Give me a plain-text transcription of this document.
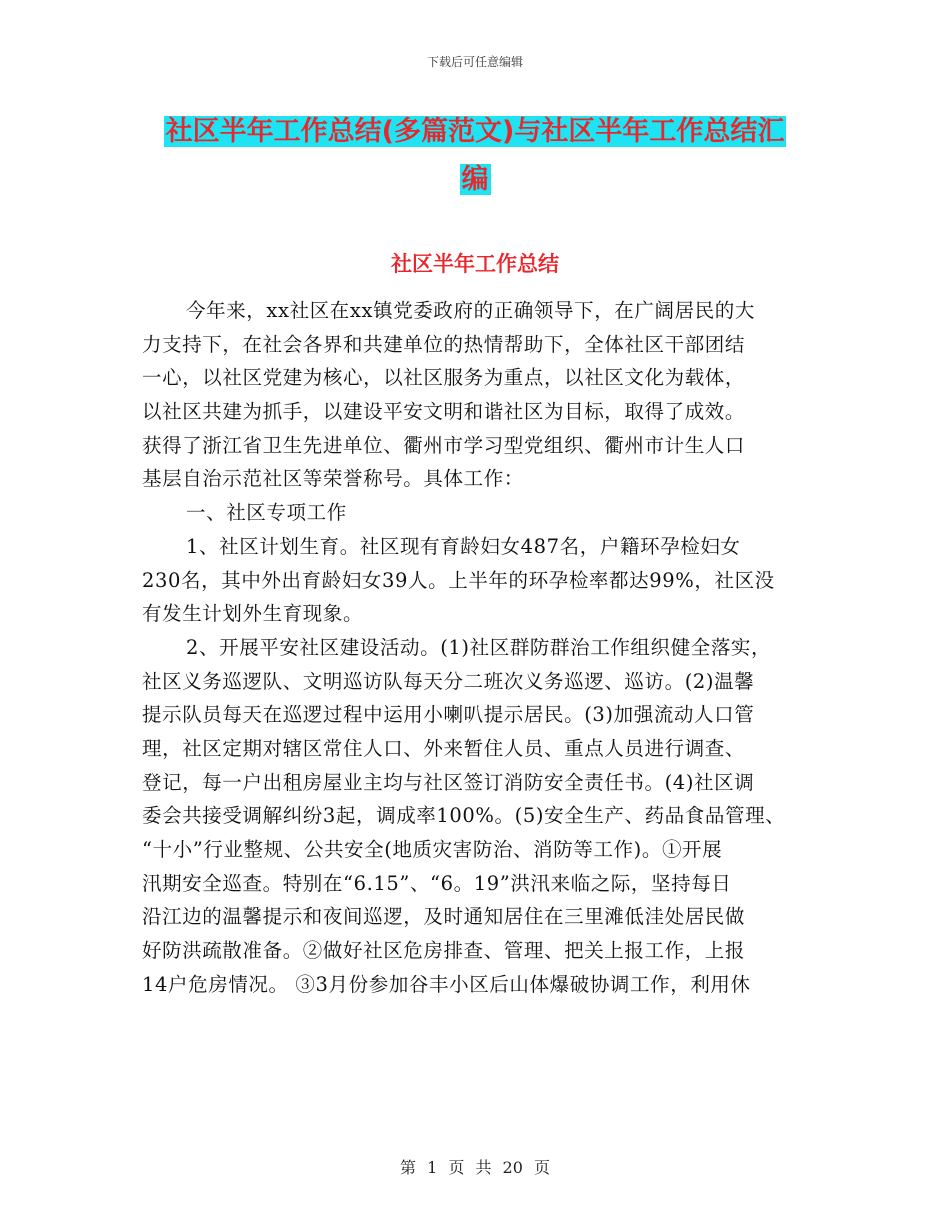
下载后可任意编辑
社区半年工作总结(多篇范文)与社区半年工作总结汇
编
社区半年工作总结
今年来，xx社区在xx镇党委政府的正确领导下，在广阔居民的大
力支持下，在社会各界和共建单位的热情帮助下，全体社区干部团结
一心，以社区党建为核心，以社区服务为重点，以社区文化为载体，
以社区共建为抓手，以建设平安文明和谐社区为目标，取得了成效。
获得了浙江省卫生先进单位、衢州市学习型党组织、衢州市计生人口
基层自治示范社区等荣誉称号。具体工作：
一、社区专项工作
1、社区计划生育。社区现有育龄妇女487名，户籍环孕检妇女
230名，其中外出育龄妇女39人。上半年的环孕检率都达99%，社区没
有发生计划外生育现象。
2、开展平安社区建设活动。(1)社区群防群治工作组织健全落实，
社区义务巡逻队、文明巡访队每天分二班次义务巡逻、巡访。(2)温馨
提示队员每天在巡逻过程中运用小喇叭提示居民。(3)加强流动人口管
理，社区定期对辖区常住人口、外来暂住人员、重点人员进行调查、
登记，每一户出租房屋业主均与社区签订消防安全责任书。(4)社区调
委会共接受调解纠纷3起，调成率100%。(5)安全生产、药品食品管理、
“十小”行业整规、公共安全(地质灾害防治、消防等工作)。①开展
汛期安全巡查。特别在“6.15”、“6。19”洪汛来临之际，坚持每日
沿江边的温馨提示和夜间巡逻，及时通知居住在三里滩低洼处居民做
好防洪疏散准备。②做好社区危房排查、管理、把关上报工作，上报
14户危房情况。 ③3月份参加谷丰小区后山体爆破协调工作，利用休
第 1 页 共 20 页
